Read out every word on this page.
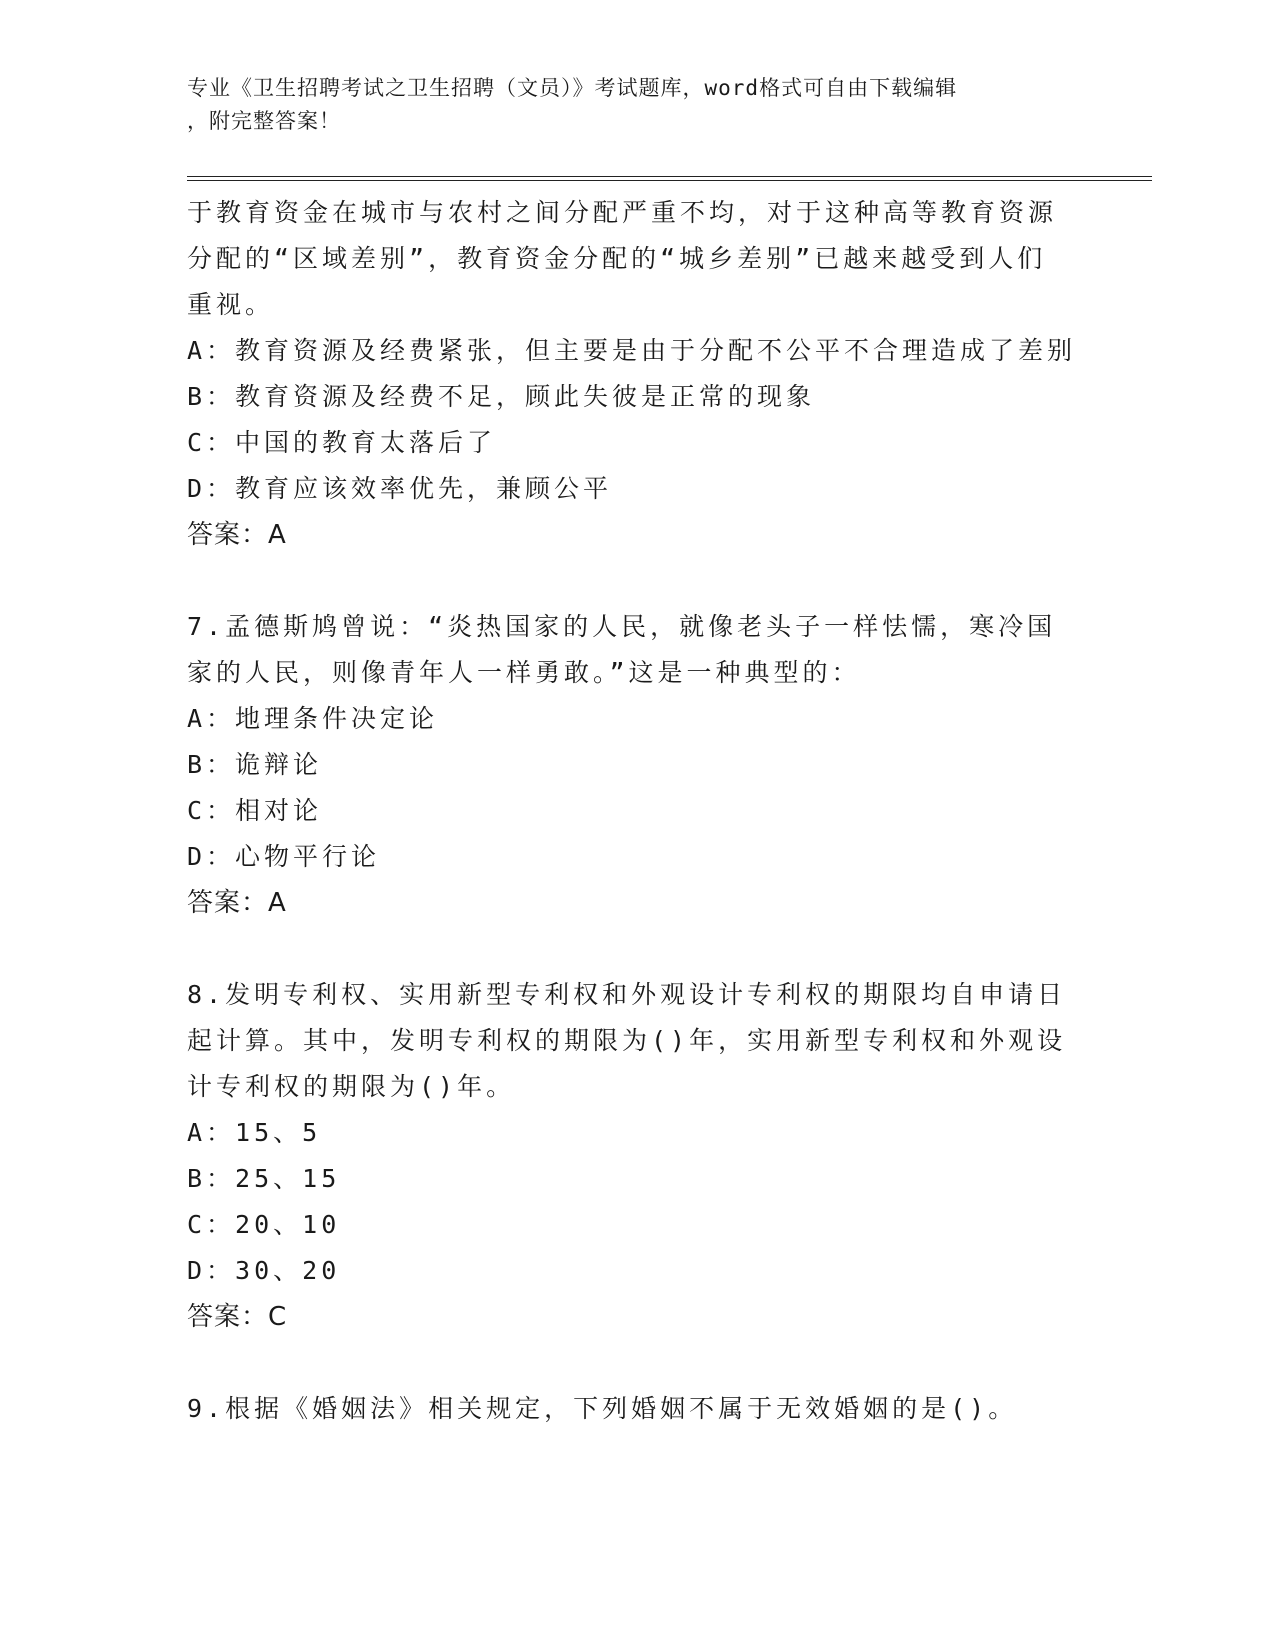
专业《卫生招聘考试之卫生招聘（文员）》考试题库，word格式可自由下载编辑
，附完整答案！

于教育资金在城市与农村之间分配严重不均，对于这种高等教育资源分配的“区域差别”，教育资金分配的“城乡差别”已越来越受到人们重视。

A：教育资源及经费紧张，但主要是由于分配不公平不合理造成了差别

B：教育资源及经费不足，顾此失彼是正常的现象

C：中国的教育太落后了

D：教育应该效率优先，兼顾公平

答案：A

7.孟德斯鸠曾说：“炎热国家的人民，就像老头子一样怯懦，寒冷国家的人民，则像青年人一样勇敢。”这是一种典型的：

A：地理条件决定论

B：诡辩论

C：相对论

D：心物平行论

答案：A

8.发明专利权、实用新型专利权和外观设计专利权的期限均自申请日起计算。其中，发明专利权的期限为()年，实用新型专利权和外观设计专利权的期限为()年。

A：15、5

B：25、15

C：20、10

D：30、20

答案：C

9.根据《婚姻法》相关规定，下列婚姻不属于无效婚姻的是()。
